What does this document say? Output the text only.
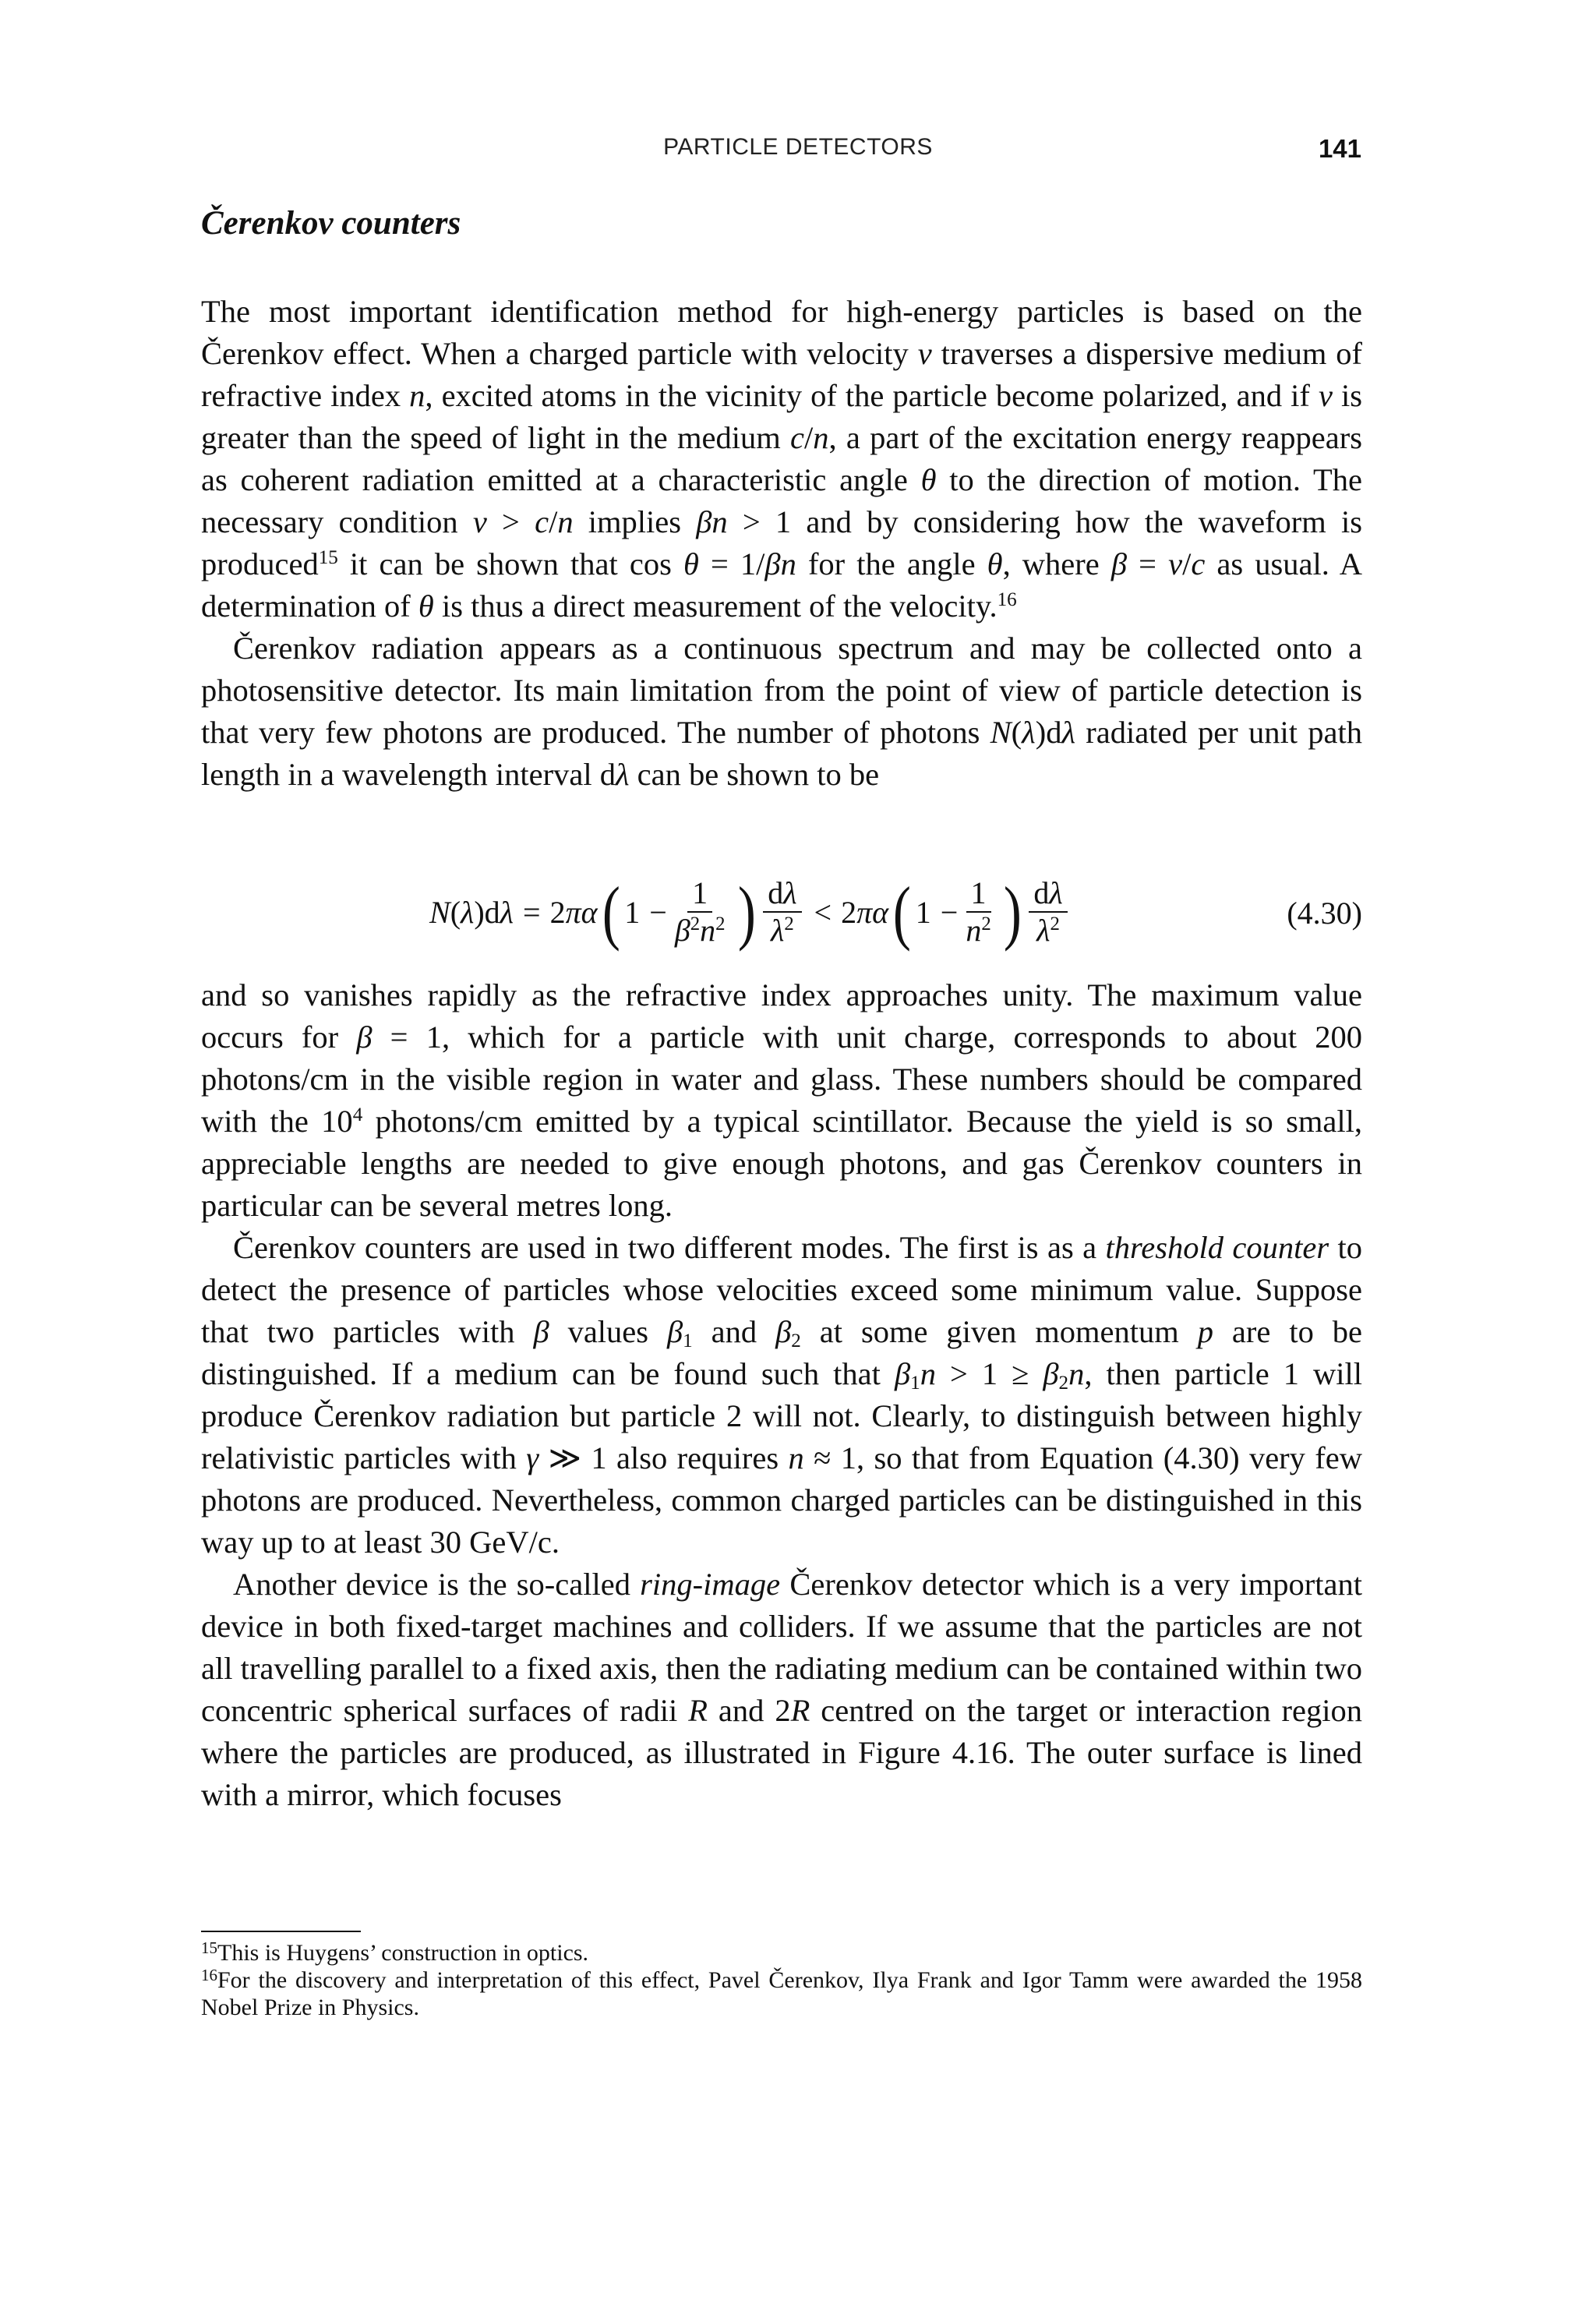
PARTICLE DETECTORS	141
Čerenkov counters

The most important identification method for high-energy particles is based on the Čerenkov effect. When a charged particle with velocity v traverses a dispersive medium of refractive index n, excited atoms in the vicinity of the particle become polarized, and if v is greater than the speed of light in the medium c/n, a part of the excitation energy reappears as coherent radiation emitted at a characteristic angle θ to the direction of motion. The necessary condition v > c/n implies βn > 1 and by considering how the waveform is produced$^{15}$ it can be shown that cos θ = 1/βn for the angle θ, where β = v/c as usual. A determination of θ is thus a direct measurement of the velocity.$^{16}$

Čerenkov radiation appears as a continuous spectrum and may be collected onto a photosensitive detector. Its main limitation from the point of view of particle detection is that very few photons are produced. The number of photons N(λ)dλ radiated per unit path length in a wavelength interval dλ can be shown to be

N ( λ )d λ = 2 πα ( $1 - \frac{1}{\beta^2n^2}$ ) $\frac{d\lambda}{\lambda^2} < 2$ πα ( $1 - \frac{1}{n^2}$ ) $\frac{d\lambda}{\lambda^2}$	(4.30)

and so vanishes rapidly as the refractive index approaches unity. The maximum value occurs for β = 1, which for a particle with unit charge, corresponds to about 200 photons/cm in the visible region in water and glass. These numbers should be compared with the $10^4$ photons/cm emitted by a typical scintillator. Because the yield is so small, appreciable lengths are needed to give enough photons, and gas Čerenkov counters in particular can be several metres long.

Čerenkov counters are used in two different modes. The first is as a threshold counter to detect the presence of particles whose velocities exceed some minimum value. Suppose that two particles with β values $\beta_1$ and $\beta_2$ at some given momentum p are to be distinguished. If a medium can be found such that $\beta_1n > 1 \ge \beta_2n$, then particle 1 will produce Čerenkov radiation but particle 2 will not. Clearly, to distinguish between highly relativistic particles with γ ≫ 1 also requires n ≈ 1, so that from Equation (4.30) very few photons are produced. Nevertheless, common charged particles can be distinguished in this way up to at least 30 GeV/c.

Another device is the so-called ring-image Čerenkov detector which is a very important device in both fixed-target machines and colliders. If we assume that the particles are not all travelling parallel to a fixed axis, then the radiating medium can be contained within two concentric spherical surfaces of radii R and 2R centred on the target or interaction region where the particles are produced, as illustrated in Figure 4.16. The outer surface is lined with a mirror, which focuses

$^{15}$This is Huygens’ construction in optics.

$^{16}$For the discovery and interpretation of this effect, Pavel Čerenkov, Ilya Frank and Igor Tamm were awarded the 1958 Nobel Prize in Physics.
